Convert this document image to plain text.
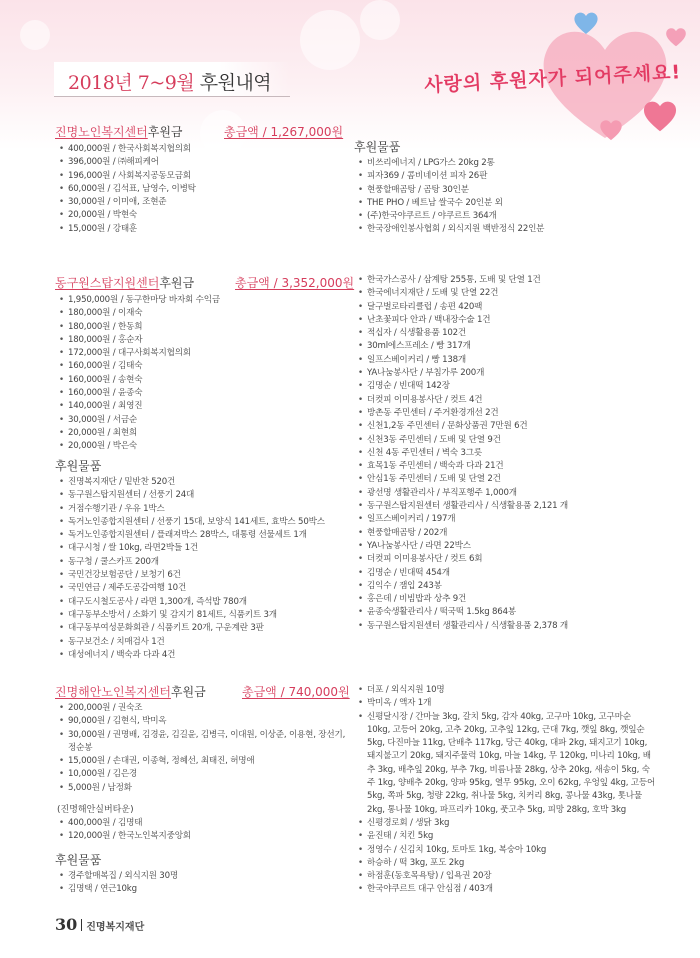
2018년 7~9월 후원내역	사랑의 후원자가 되어주세요!
진명노인복지센터후원금	총금액 / 1,267,000원
• 400,000원 / 한국사회복지협의회
• 396,000원 / ㈜해피케어
• 196,000원 / 사회복지공동모금회
• 60,000원 / 김석표, 남영수, 이병탁
• 30,000원 / 이미애, 조현준
• 20,000원 / 박현숙
• 15,000원 / 강태훈
후원물품
• 비쓰리에너지 / LPG가스 20kg 2통
• 피자369 / 콤비네이션 피자 26판
• 현풍할매곰탕 / 곰탕 30인분
• THE PHO / 베트남 쌀국수 20인분 외
• (주)한국야쿠르트 / 야쿠르트 364개
• 한국장애인봉사협회 / 외식지원 백반정식 22인분
동구원스탑지원센터후원금	총금액 / 3,352,000원
• 1,950,000원 / 동구한마당 바자회 수익금
• 180,000원 / 이재숙
• 180,000원 / 한동희
• 180,000원 / 홍순자
• 172,000원 / 대구사회복지협의회
• 160,000원 / 김태숙
• 160,000원 / 송현숙
• 160,000원 / 윤종숙
• 140,000원 / 최영진
• 30,000원 / 서금순
• 20,000원 / 최현희
• 20,000원 / 박은숙
후원물품
• 진명복지재단 / 밑반찬 520건
• 동구원스탑지원센터 / 선풍기 24대
• 거점수행기관 / 우유 1박스
• 독거노인종합지원센터 / 선풍기 15대, 보양식 141세트, 효박스 50박스
• 독거노인종합지원센터 / 플래져박스 28박스, 대통령 선물세트 1개
• 대구시청 / 쌀 10kg, 라면2박들 1건
• 동구청 / 쿨스카프 200개
• 국민건강보험공단 / 보청기 6건
• 국민연금 / 제주도공감여행 10건
• 대구도시철도공사 / 라면 1,300개, 즉석밥 780개
• 대구동부소방서 / 소화기 및 감지기 81세트, 식품키트 3개
• 대구동부여성문화회관 / 식품키트 20개, 구운계란 3판
• 동구보건소 / 치매검사 1건
• 대성에너지 / 백숙과 다과 4건
• 한국가스공사 / 삼계탕 255통, 도배 및 단열 1건
• 한국에너지재단 / 도배 및 단열 22건
• 달구벌로타리클럽 / 송편 420팩
• 난초꽃피다 안과 / 백내장수술 1건
• 적십자 / 식생활용품 102건
• 30ml에스프레소 / 빵 317개
• 일프스베이커리 / 빵 138개
• YA나눔봉사단 / 부침가루 200개
• 김명순 / 빈대떡 142장
• 더컷피 이미용봉사단 / 컷트 4건
• 방촌동 주민센터 / 주거환경개선 2건
• 신천1,2동 주민센터 / 문화상품권 7만원 6건
• 신천3동 주민센터 / 도배 및 단열 9건
• 신천 4동 주민센터 / 벽숙 3그릇
• 효목1동 주민센터 / 백숙과 다과 21건
• 안심1동 주민센터 / 도배 및 단열 2건
• 광선명 생활관리사 / 부직포행주 1,000개
• 동구원스탑지원센터 생활관리사 / 식생활용품 2,121 개
• 일프스베이커리 / 197개
• 현풍할매곰탕 / 202개
• YA나눔봉사단 / 라면 22박스
• 더컷피 이미용봉사단 / 컷트 6회
• 김명순 / 빈대떡 454개
• 김익수 / 잼입 243봉
• 홍은데 / 비빔밥과 상추 9건
• 윤종숙생활관리사 / 떡국떡 1.5kg 864봉
• 동구원스탑지원센터 생활관리사 / 식생활용품 2,378 개
진명해안노인복지센터후원금	총금액 / 740,000원
• 200,000원 / 권숙조
• 90,000원 / 김현식, 박미옥
• 30,000원 / 권명배, 김경윤, 김길윤, 김병극, 이대원, 이상준, 이용현, 장선기, 정순봉
• 15,000원 / 손대권, 이종혁, 정혜선, 최태진, 허명애
• 10,000원 / 김은경
• 5,000원 / 남정화
(진명해안실버타운)
• 400,000원 / 김명태
• 120,000원 / 한국노인복지중앙회
후원물품
• 경주할매복집 / 외식지원 30명
• 김명택 / 연근10kg
• 더포 / 외식지원 10명
• 박미옥 / 액자 1개
• 신평달시장 / 간마늘 3kg, 갈치 5kg, 감자 40kg, 고구마 10kg, 고구마순 10kg, 고등어 20kg, 고추 20kg, 고추잎 12kg, 근대 7kg, 깻잎 8kg, 깻잎순 5kg, 다진마늘 11kg, 단배추 117kg, 당근 40kg, 대파 2kg, 돼지고기 10kg, 돼지불고기 20kg, 돼지주물럭 10kg, 마늘 14kg, 무 120kg, 미나리 10kg, 배추 3kg, 배추잎 20kg, 부추 7kg, 비름나물 28kg, 상추 20kg, 새송이 5kg, 숙주 1kg, 양배추 20kg, 양파 95kg, 열무 95kg, 오이 62kg, 우엉잎 4kg, 고등어 5kg, 쪽파 5kg, 청량 22kg, 취나물 5kg, 치커리 8kg, 콩나물 43kg, 톳나물 2kg, 통나물 10kg, 파프리카 10kg, 풋고추 5kg, 피망 28kg, 호박 3kg
• 신평경로회 / 생닭 3kg
• 윤진태 / 치킨 5kg
• 정영수 / 신김치 10kg, 토마토 1kg, 복숭아 10kg
• 하승하 / 떡 3kg, 포도 2kg
• 하점훈(동호목욕탕) / 입욕권 20장
• 한국야쿠르트 대구 안심점 / 403개
30 진명복지재단
